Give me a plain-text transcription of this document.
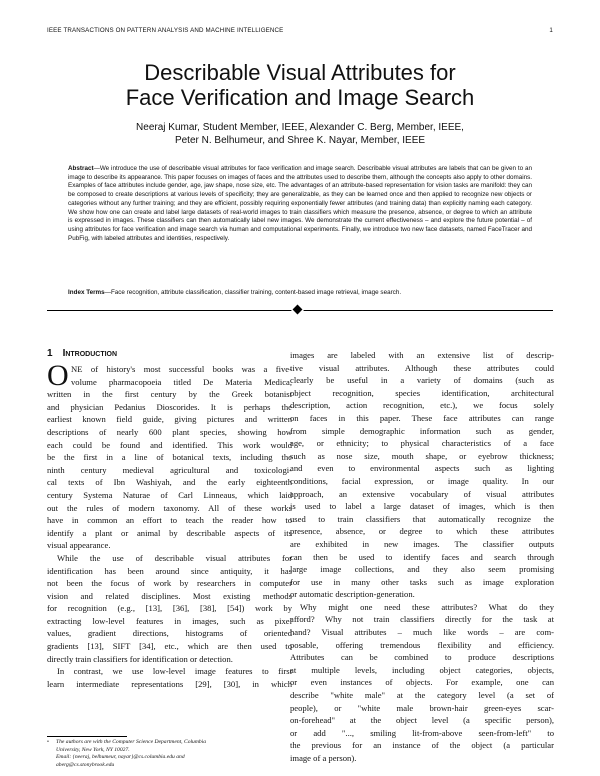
IEEE TRANSACTIONS ON PATTERN ANALYSIS AND MACHINE INTELLIGENCE	1
Describable Visual Attributes for
Face Verification and Image Search
Neeraj Kumar, Student Member, IEEE, Alexander C. Berg, Member, IEEE,
Peter N. Belhumeur, and Shree K. Nayar, Member, IEEE
Abstract—We introduce the use of describable visual attributes for face verification and image search. Describable visual attributes are labels that can be given to an image to describe its appearance. This paper focuses on images of faces and the attributes used to describe them, although the concepts also apply to other domains. Examples of face attributes include gender, age, jaw shape, nose size, etc. The advantages of an attribute-based representation for vision tasks are manifold: they can be composed to create descriptions at various levels of specificity; they are generalizable, as they can be learned once and then applied to recognize new objects or categories without any further training; and they are efficient, possibly requiring exponentially fewer attributes (and training data) than explicitly naming each category. We show how one can create and label large datasets of real-world images to train classifiers which measure the presence, absence, or degree to which an attribute is expressed in images. These classifiers can then automatically label new images. We demonstrate the current effectiveness – and explore the future potential – of using attributes for face verification and image search via human and computational experiments. Finally, we introduce two new face datasets, named FaceTracer and PubFig, with labeled attributes and identities, respectively.
Index Terms—Face recognition, attribute classification, classifier training, content-based image retrieval, image search.
1 Introduction
O NE of history's most successful books was a five-
volume pharmacopoeia titled De Materia Medica,
written in the first century by the Greek botanist
and physician Pedanius Dioscorides. It is perhaps the
earliest known field guide, giving pictures and written
descriptions of nearly 600 plant species, showing how
each could be found and identified. This work would
be the first in a line of botanical texts, including the
ninth century medieval agricultural and toxicologi-
cal texts of Ibn Washiyah, and the early eighteenth
century Systema Naturae of Carl Linneaus, which laid
out the rules of modern taxonomy. All of these works
have in common an effort to teach the reader how to
identify a plant or animal by describable aspects of its
visual appearance.
While the use of describable visual attributes for
identification has been around since antiquity, it has
not been the focus of work by researchers in computer
vision and related disciplines. Most existing methods
for recognition (e.g., [13], [36], [38], [54]) work by
extracting low-level features in images, such as pixel
values, gradient directions, histograms of oriented
gradients [13], SIFT [34], etc., which are then used to
directly train classifiers for identification or detection.
In contrast, we use low-level image features to first
learn intermediate representations [29], [30], in which
images are labeled with an extensive list of descrip-
tive visual attributes. Although these attributes could
clearly be useful in a variety of domains (such as
object recognition, species identification, architectural
description, action recognition, etc.), we focus solely
on faces in this paper. These face attributes can range
from simple demographic information such as gender,
age, or ethnicity; to physical characteristics of a face
such as nose size, mouth shape, or eyebrow thickness;
and even to environmental aspects such as lighting
conditions, facial expression, or image quality. In our
approach, an extensive vocabulary of visual attributes
is used to label a large dataset of images, which is then
used to train classifiers that automatically recognize the
presence, absence, or degree to which these attributes
are exhibited in new images. The classifier outputs
can then be used to identify faces and search through
large image collections, and they also seem promising
for use in many other tasks such as image exploration
or automatic description-generation.
Why might one need these attributes? What do they
afford? Why not train classifiers directly for the task at
hand? Visual attributes – much like words – are com-
posable, offering tremendous flexibility and efficiency.
Attributes can be combined to produce descriptions
at multiple levels, including object categories, objects,
or even instances of objects. For example, one can
describe "white male" at the category level (a set of
people), or "white male brown-hair green-eyes scar-
on-forehead" at the object level (a specific person),
or add "..., smiling lit-from-above seen-from-left" to
the previous for an instance of the object (a particular
image of a person).
• The authors are with the Computer Science Department, Columbia
University, New York, NY 10027.
Email: {neeraj, belhumeur, nayar}@cs.columbia.edu and
aberg@cs.stonybrook.edu
